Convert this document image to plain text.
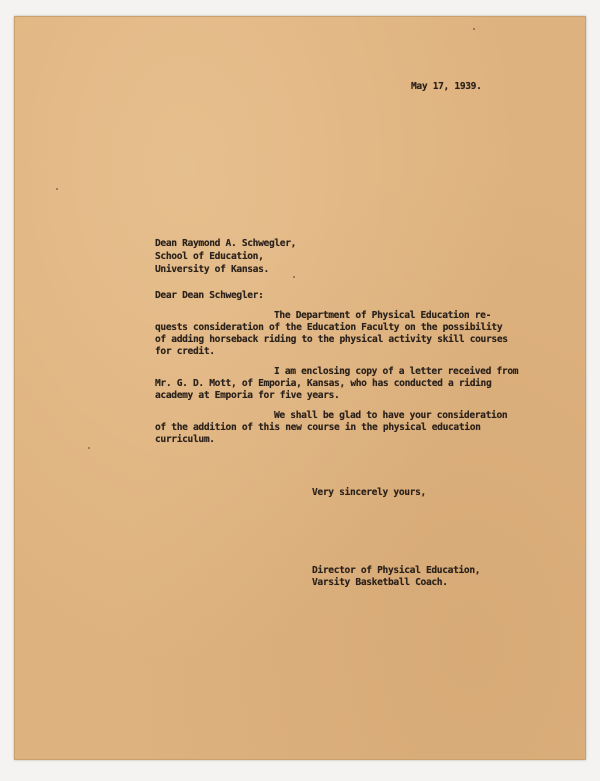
May 17, 1939.

Dean Raymond A. Schwegler,

School of Education,

University of Kansas.

Dear Dean Schwegler:

The Department of Physical Education re-

quests consideration of the Education Faculty on the possibility

of adding horseback riding to the physical activity skill courses

for credit.

I am enclosing copy of a letter received from

Mr. G. D. Mott, of Emporia, Kansas, who has conducted a riding

academy at Emporia for five years.

We shall be glad to have your consideration

of the addition of this new course in the physical education

curriculum.

Very sincerely yours,

Director of Physical Education,

Varsity Basketball Coach.
